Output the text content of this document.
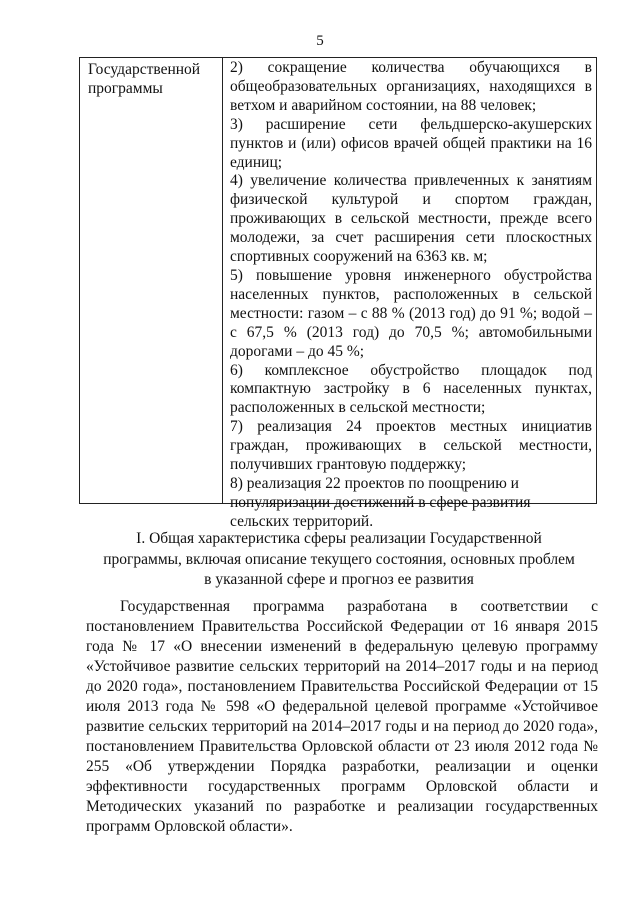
5
Государственной программы

2) сокращение количества обучающихся в общеобразовательных организациях, находящихся в ветхом и аварийном состоянии, на 88 человек;

3) расширение сети фельдшерско-акушерских пунктов и (или) офисов врачей общей практики на 16 единиц;

4) увеличение количества привлеченных к занятиям физической культурой и спортом граждан, проживающих в сельской местности, прежде всего молодежи, за счет расширения сети плоскостных спортивных сооружений на 6363 кв. м;

5) повышение уровня инженерного обустройства населенных пунктов, расположенных в сельской местности: газом – с 88 % (2013 год) до 91 %; водой – с 67,5 % (2013 год) до 70,5 %; автомобильными дорогами – до 45 %;

6) комплексное обустройство площадок под компактную застройку в 6 населенных пунктах, расположенных в сельской местности;

7) реализация 24 проектов местных инициатив граждан, проживающих в сельской местности, получивших грантовую поддержку;

8) реализация 22 проектов по поощрению и популяризации достижений в сфере развития сельских территорий.

I. Общая характеристика сферы реализации Государственной
программы, включая описание текущего состояния, основных проблем
в указанной сфере и прогноз ее развития

Государственная программа разработана в соответствии с постановлением Правительства Российской Федерации от 16 января 2015 года № 17 «О внесении изменений в федеральную целевую программу «Устойчивое развитие сельских территорий на 2014–2017 годы и на период до 2020 года», постановлением Правительства Российской Федерации от 15 июля 2013 года № 598 «О федеральной целевой программе «Устойчивое развитие сельских территорий на 2014–2017 годы и на период до 2020 года», постановлением Правительства Орловской области от 23 июля 2012 года № 255 «Об утверждении Порядка разработки, реализации и оценки эффективности государственных программ Орловской области и Методических указаний по разработке и реализации государственных программ Орловской области».
